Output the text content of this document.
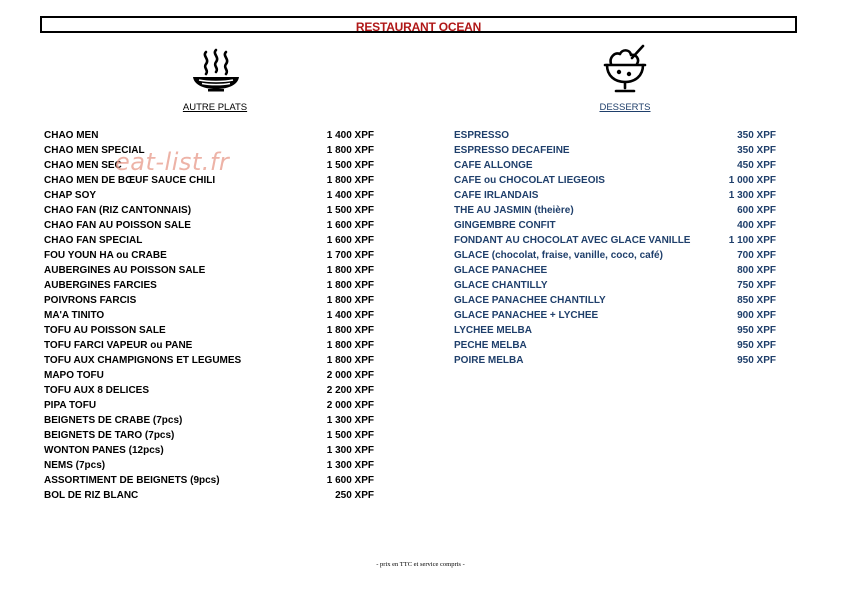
RESTAURANT OCEAN
AUTRE PLATS	DESSERTS
CHAO MEN	1 400 XPF
CHAO MEN SPECIAL	1 800 XPF
CHAO MEN SEC	1 500 XPF
CHAO MEN DE BŒUF SAUCE CHILI	1 800 XPF
CHAP SOY	1 400 XPF
CHAO FAN (RIZ CANTONNAIS)	1 500 XPF
CHAO FAN AU POISSON SALE	1 600 XPF
CHAO FAN SPECIAL	1 600 XPF
FOU YOUN HA ou CRABE	1 700 XPF
AUBERGINES AU POISSON SALE	1 800 XPF
AUBERGINES FARCIES	1 800 XPF
POIVRONS FARCIS	1 800 XPF
MA'A TINITO	1 400 XPF
TOFU AU POISSON SALE	1 800 XPF
TOFU FARCI VAPEUR ou PANE	1 800 XPF
TOFU AUX CHAMPIGNONS ET LEGUMES	1 800 XPF
MAPO TOFU	2 000 XPF
TOFU AUX 8 DELICES	2 200 XPF
PIPA TOFU	2 000 XPF
BEIGNETS DE CRABE (7pcs)	1 300 XPF
BEIGNETS DE TARO (7pcs)	1 500 XPF
WONTON PANES (12pcs)	1 300 XPF
NEMS (7pcs)	1 300 XPF
ASSORTIMENT DE BEIGNETS (9pcs)	1 600 XPF
BOL DE RIZ BLANC	250 XPF
ESPRESSO	350 XPF
ESPRESSO DECAFEINE	350 XPF
CAFE ALLONGE	450 XPF
CAFE ou CHOCOLAT LIEGEOIS	1 000 XPF
CAFE IRLANDAIS	1 300 XPF
THE AU JASMIN (theière)	600 XPF
GINGEMBRE CONFIT	400 XPF
FONDANT AU CHOCOLAT AVEC GLACE VANILLE	1 100 XPF
GLACE (chocolat, fraise, vanille, coco, café)	700 XPF
GLACE PANACHEE	800 XPF
GLACE CHANTILLY	750 XPF
GLACE PANACHEE CHANTILLY	850 XPF
GLACE PANACHEE + LYCHEE	900 XPF
LYCHEE MELBA	950 XPF
PECHE MELBA	950 XPF
POIRE MELBA	950 XPF
eat-list.fr
- prix en TTC et service compris -
